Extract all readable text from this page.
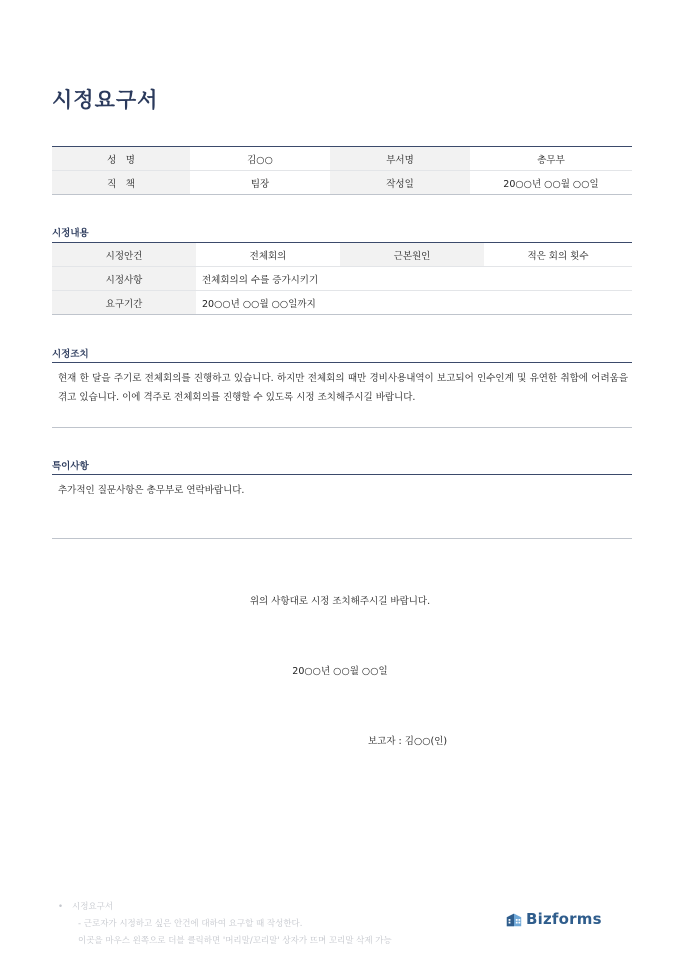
시정요구서
성　명	김○○	부서명	총무부
직　책	팀장	작성일	20○○년 ○○월 ○○일
시정내용
시정안건	전체회의	근본원인	적은 회의 횟수
시정사항	전체회의의 수를 증가시키기		
요구기간	20○○년 ○○월 ○○일까지		
시정조치

현재 한 달을 주기로 전체회의를 진행하고 있습니다. 하지만 전체회의 때만 경비사용내역이 보고되어 인수인계 및 유연한 취합에 어려움을 겪고 있습니다. 이에 격주로 전체회의를 진행할 수 있도록 시정 조치해주시길 바랍니다.

특이사항

추가적인 질문사항은 총무부로 연락바랍니다.

위의 사항대로 시정 조치해주시길 바랍니다.
20○○년 ○○월 ○○일
보고자 : 김○○(인)
• 시정요구서
- 근로자가 시정하고 싶은 안건에 대하여 요구할 때 작성한다.
이곳을 마우스 왼쪽으로 더블 클릭하면 '머리말/꼬리말' 상자가 뜨며 꼬리말 삭제 가능
Bizforms
